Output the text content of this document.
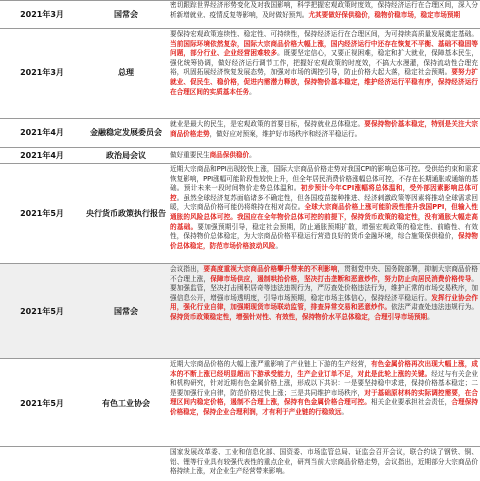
2021年3月	国常会
密切跟踪世界经济形势变化及对我国影响，科学把握宏观政策时度效，保持经济运行在合理区间，深入分析新增就业、疫情反复等影响，及时做好预判。尤其要做好保供稳价，稳物价稳市场，稳定市场预期
2021年3月	总理
要保持宏观政策连续性、稳定性、可持续性，保持经济运行在合理区间，为可持续高质量发展奠定基础。当前国际环境依然复杂，国际大宗商品价格大幅上涨，国内经济运行中还存在恢复不平衡、基础不稳固等问题，部分行业、企业经营困难较多。既要坚定信心，又要正视困难，稳定和扩大就业，保障基本民生，强化统筹协调，做好经济运行调节工作，把握好宏观政策的时度效，不搞大水漫灌，保持流动性合理充裕，巩固拓展经济恢复发展态势，加强对市场的调控引导，防止价格大起大落，稳定社会预期。要努力扩就业、促民生、稳价格，促进内需潜力释放，保持物价基本稳定，维护经济运行平稳有序，保持经济运行在合理区间的实质基本任务。
2021年4月	金融稳定发展委员会
就业是最大的民生，是宏观政策的首要目标，保持就业总体稳定。要保持物价基本稳定，特别是关注大宗商品价格走势，做好应对预案，维护好市场秩序和经济平稳运行。
2021年4月	政治局会议	做好重要民生商品保供稳价。
2021年5月	央行货币政策执行报告
近期大宗商品和PPI出现较快上涨，国际大宗商品价格走势对我国CPI的影响总体可控。受供给约束和需求恢复影响，PPI涨幅可能阶段性较快上升，但全年居民消费价格涨幅总体可控，不存在长期通胀或通缩的基础。预计未来一段时间物价走势总体温和。初步预计今年CPI涨幅将总体温和，受外部因素影响总体可控。虽然全球经济复苏面临诸多不确定性，但各国疫苗接种推进、经济刺激政策等因素将推动全球需求回暖，大宗商品价格可能仍将维持在相对高位。全球大宗商品价格上涨可能阶段性推升我国PPI，但输入性通胀的风险总体可控。我国应在全年物价总体可控的前提下，保持货币政策的稳定性，没有通胀大幅走高的基础。要加强预期引导，稳定社会预期，防止通胀预期扩散，增强宏观政策的稳定性、前瞻性、有效性，保持物价总体稳定，为大宗商品价格平稳运行营造良好的货币金融环境，综合施策保供稳价，保持物价总体稳定，防范市场价格波动风险。
2021年5月	国常会
会议指出，要高度重视大宗商品价格攀升带来的不利影响，贯彻党中央、国务院部署，抑制大宗商品价格不合理上涨，保障市场供应，遏制哄抬价格，坚决打击垄断和恶意炒作，努力防止向居民消费价格传导。要加强监管，坚决打击囤积居奇等违法违规行为，严厉查处价格违法行为，维护正常的市场交易秩序，加强信息公开，增强市场透明度，引导市场预期，稳定市场主体信心，保持经济平稳运行。发挥行业协会作用，强化行业自律，加强期现货市场联动监管，排查异常交易和恶意炒作。依法严肃查处违法违规行为。保持货币政策稳定性，增强针对性、有效性，保持物价水平总体稳定，合理引导市场预期。
2021年5月	有色工业协会
近期大宗商品价格的大幅上涨严重影响了产业链上下游的生产经营，有色金属价格再次出现大幅上涨，成本的不断上涨已经明显超出下游承受能力，生产企业订单不足，对此是此轮上涨的关键。经过与有关企业和机构研究，针对近期有色金属价格上涨，形成以下共识：一是要坚持稳中求进，保持价格基本稳定；二是要加强行业自律，防范价格过快上涨；三是共同维护市场秩序，对于基础原材料的实际调控需要，在合理区间内稳定价格，遏制不合理上涨，保持有色金属价格合理可控。相关企业要承担社会责任，合理保持价格稳定，保持企业合理利润，才有利于产业链的行稳致远。
国家发展改革委、工业和信息化部、国资委、市场监管总局、证监会召开会议，联合约谈了钢铁、铜、铝、锂等行业具有较强代表性的重点企业，研判当前大宗商品价格走势，会议指出，近期部分大宗商品价格持续上涨，对企业生产经营带来影响。
